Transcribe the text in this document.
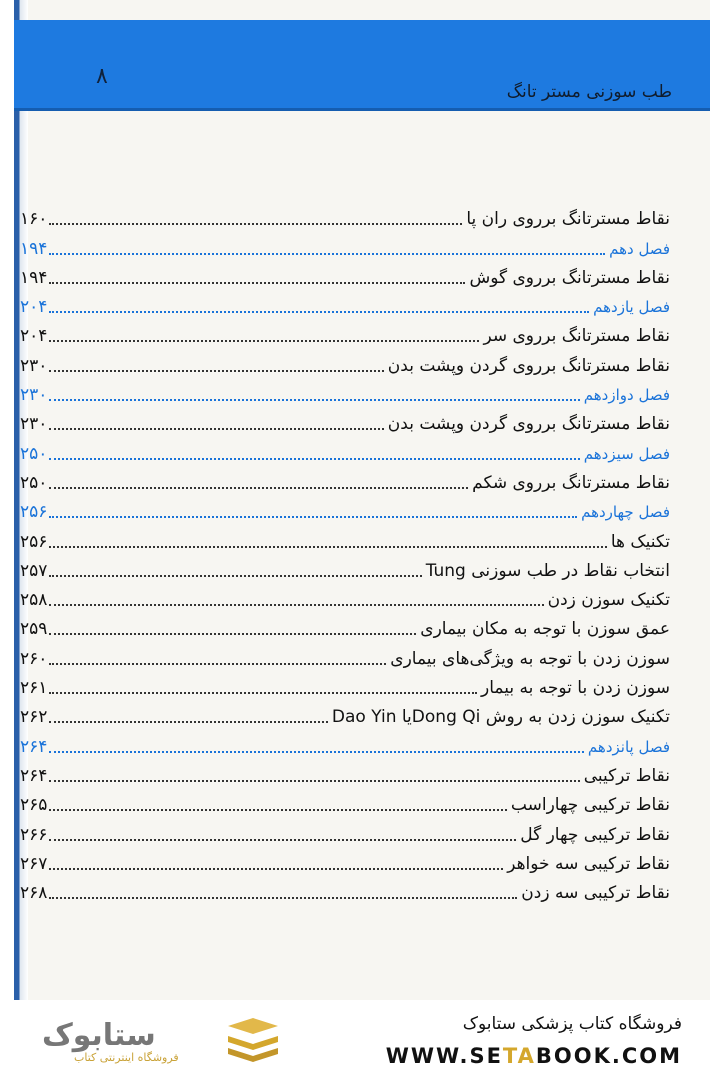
۸
طب سوزنی مستر تانگ
نقاط مسترتانگ برروی ران پا
۱۶۰
فصل دهم
۱۹۴
نقاط مسترتانگ برروی گوش
۱۹۴
فصل یازدهم
۲۰۴
نقاط مسترتانگ برروی سر
۲۰۴
نقاط مسترتانگ برروی گردن وپشت بدن
۲۳۰
فصل دوازدهم
۲۳۰
نقاط مسترتانگ برروی گردن وپشت بدن
۲۳۰
فصل سیزدهم
۲۵۰
نقاط مسترتانگ برروی شکم
۲۵۰
فصل چهاردهم
۲۵۶
تکنیک ها
۲۵۶
انتخاب نقاط در طب سوزنی Tung
۲۵۷
تکنیک سوزن زدن
۲۵۸
عمق سوزن با توجه به مکان بیماری
۲۵۹
سوزن زدن با توجه به ویژگی‌های بیماری
۲۶۰
سوزن زدن با توجه به بیمار
۲۶۱
تکنیک سوزن زدن به روش Dong Qiیا Dao Yin
۲۶۲
فصل پانزدهم
۲۶۴
نقاط ترکیبی
۲۶۴
نقاط ترکیبی چهاراسب
۲۶۵
نقاط ترکیبی چهار گل
۲۶۶
نقاط ترکیبی سه خواهر
۲۶۷
نقاط ترکیبی سه زدن
۲۶۸
ستابوک
فروشگاه اینترنتی کتاب
فروشگاه کتاب پزشکی ستابوک
WWW.SETABOOK.COM
